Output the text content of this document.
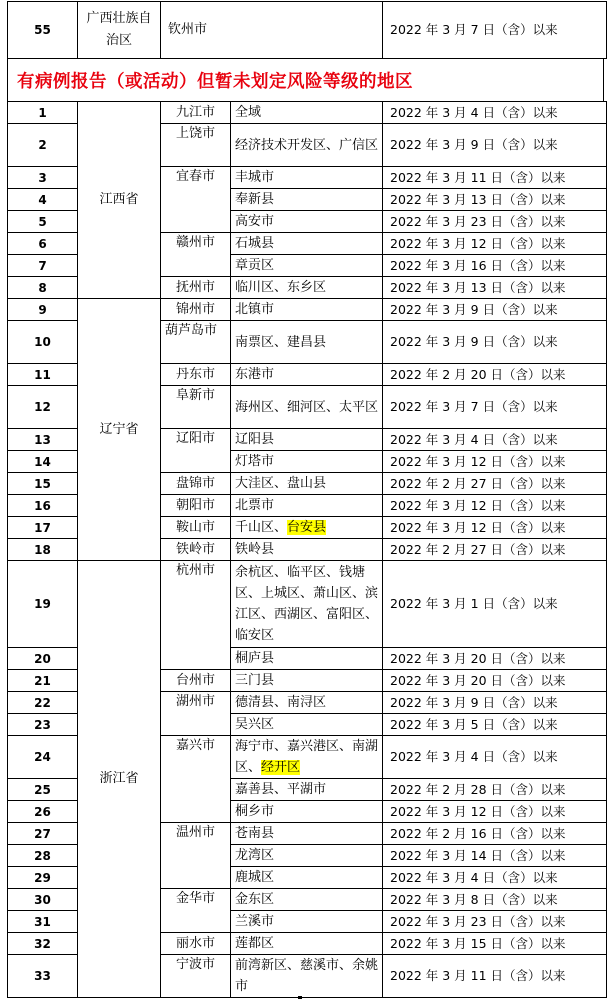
55	广西壮族自治区	钦州市	2022 年 3 月 7 日（含）以来
有病例报告（或活动）但暂未划定风险等级的地区
1	江西省	九江市	全域	2022 年 3 月 4 日（含）以来
2		上饶市	经济技术开发区、广信区	2022 年 3 月 9 日（含）以来
3		宜春市	丰城市	2022 年 3 月 11 日（含）以来
4			奉新县	2022 年 3 月 13 日（含）以来
5			高安市	2022 年 3 月 23 日（含）以来
6		赣州市	石城县	2022 年 3 月 12 日（含）以来
7			章贡区	2022 年 3 月 16 日（含）以来
8		抚州市	临川区、东乡区	2022 年 3 月 13 日（含）以来
9	辽宁省	锦州市	北镇市	2022 年 3 月 9 日（含）以来
10		葫芦岛市	南票区、建昌县	2022 年 3 月 9 日（含）以来
11		丹东市	东港市	2022 年 2 月 20 日（含）以来
12		阜新市	海州区、细河区、太平区	2022 年 3 月 7 日（含）以来
13		辽阳市	辽阳县	2022 年 3 月 4 日（含）以来
14			灯塔市	2022 年 3 月 12 日（含）以来
15		盘锦市	大洼区、盘山县	2022 年 2 月 27 日（含）以来
16		朝阳市	北票市	2022 年 3 月 12 日（含）以来
17		鞍山市	千山区、台安县	2022 年 3 月 12 日（含）以来
18		铁岭市	铁岭县	2022 年 2 月 27 日（含）以来
19	浙江省	杭州市	余杭区、临平区、钱塘区、上城区、萧山区、滨江区、西湖区、富阳区、临安区	2022 年 3 月 1 日（含）以来
20			桐庐县	2022 年 3 月 20 日（含）以来
21		台州市	三门县	2022 年 3 月 20 日（含）以来
22		湖州市	德清县、南浔区	2022 年 3 月 9 日（含）以来
23			吴兴区	2022 年 3 月 5 日（含）以来
24		嘉兴市	海宁市、嘉兴港区、南湖区、经开区	2022 年 3 月 4 日（含）以来
25			嘉善县、平湖市	2022 年 2 月 28 日（含）以来
26			桐乡市	2022 年 3 月 12 日（含）以来
27		温州市	苍南县	2022 年 2 月 16 日（含）以来
28			龙湾区	2022 年 3 月 14 日（含）以来
29			鹿城区	2022 年 3 月 4 日（含）以来
30		金华市	金东区	2022 年 3 月 8 日（含）以来
31			兰溪市	2022 年 3 月 23 日（含）以来
32		丽水市	莲都区	2022 年 3 月 15 日（含）以来
33		宁波市	前湾新区、慈溪市、余姚市	2022 年 3 月 11 日（含）以来
